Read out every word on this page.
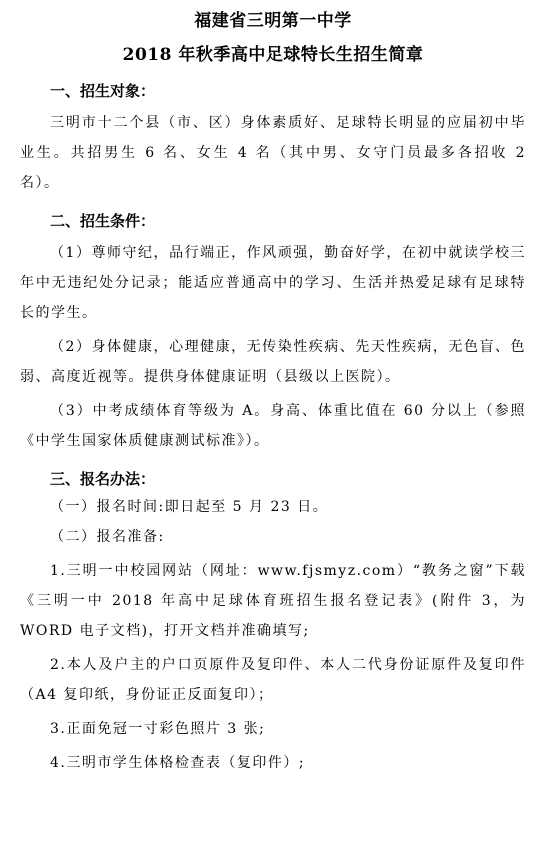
福建省三明第一中学
2018 年秋季高中足球特长生招生简章
一、招生对象：

三明市十二个县（市、区）身体素质好、足球特长明显的应届初中毕业生。共招男生 6 名、女生 4 名（其中男、女守门员最多各招收 2 名）。

二、招生条件：

（1）尊师守纪，品行端正，作风顽强，勤奋好学，在初中就读学校三年中无违纪处分记录；能适应普通高中的学习、生活并热爱足球有足球特长的学生。

（2）身体健康，心理健康，无传染性疾病、先天性疾病，无色盲、色弱、高度近视等。提供身体健康证明（县级以上医院）。

（3）中考成绩体育等级为 A。身高、体重比值在 60 分以上（参照《中学生国家体质健康测试标准》）。

三、报名办法：

（一）报名时间:即日起至 5 月 23 日。

（二）报名准备:

1.三明一中校园网站（网址：www.fjsmyz.com）“教务之窗”下载《三明一中 2018 年高中足球体育班招生报名登记表》(附件 3，为 WORD 电子文档)，打开文档并准确填写;

2.本人及户主的户口页原件及复印件、本人二代身份证原件及复印件（A4 复印纸，身份证正反面复印）；

3.正面免冠一寸彩色照片 3 张;

4.三明市学生体格检查表（复印件）;
